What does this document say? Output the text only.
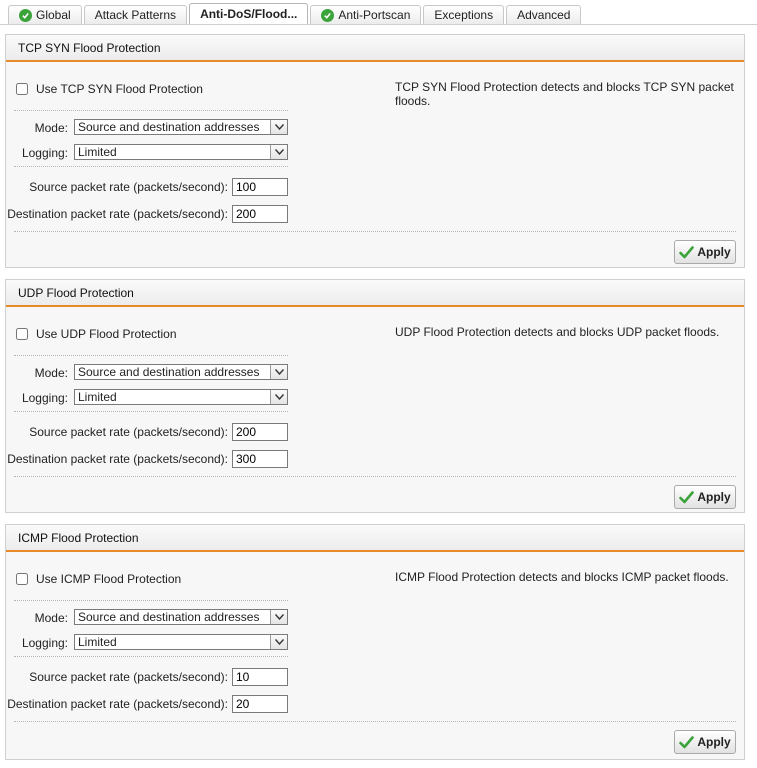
Global Attack Patterns Anti-DoS/Flood...	Anti-Portscan Exceptions Advanced
TCP SYN Flood Protection
Use TCP SYN Flood Protection	TCP SYN Flood Protection detects and blocks TCP SYN packet floods.
Mode: Source and destination addresses
Logging: Limited
Source packet rate (packets/second):
100
Destination packet rate (packets/second):
200
Apply
UDP Flood Protection
Use UDP Flood Protection	UDP Flood Protection detects and blocks UDP packet floods.
Mode: Source and destination addresses
Logging: Limited
Source packet rate (packets/second):
200
Destination packet rate (packets/second):
300
Apply
ICMP Flood Protection
Use ICMP Flood Protection	ICMP Flood Protection detects and blocks ICMP packet floods.
Mode: Source and destination addresses
Logging: Limited
Source packet rate (packets/second):
10
Destination packet rate (packets/second):
20
Apply
